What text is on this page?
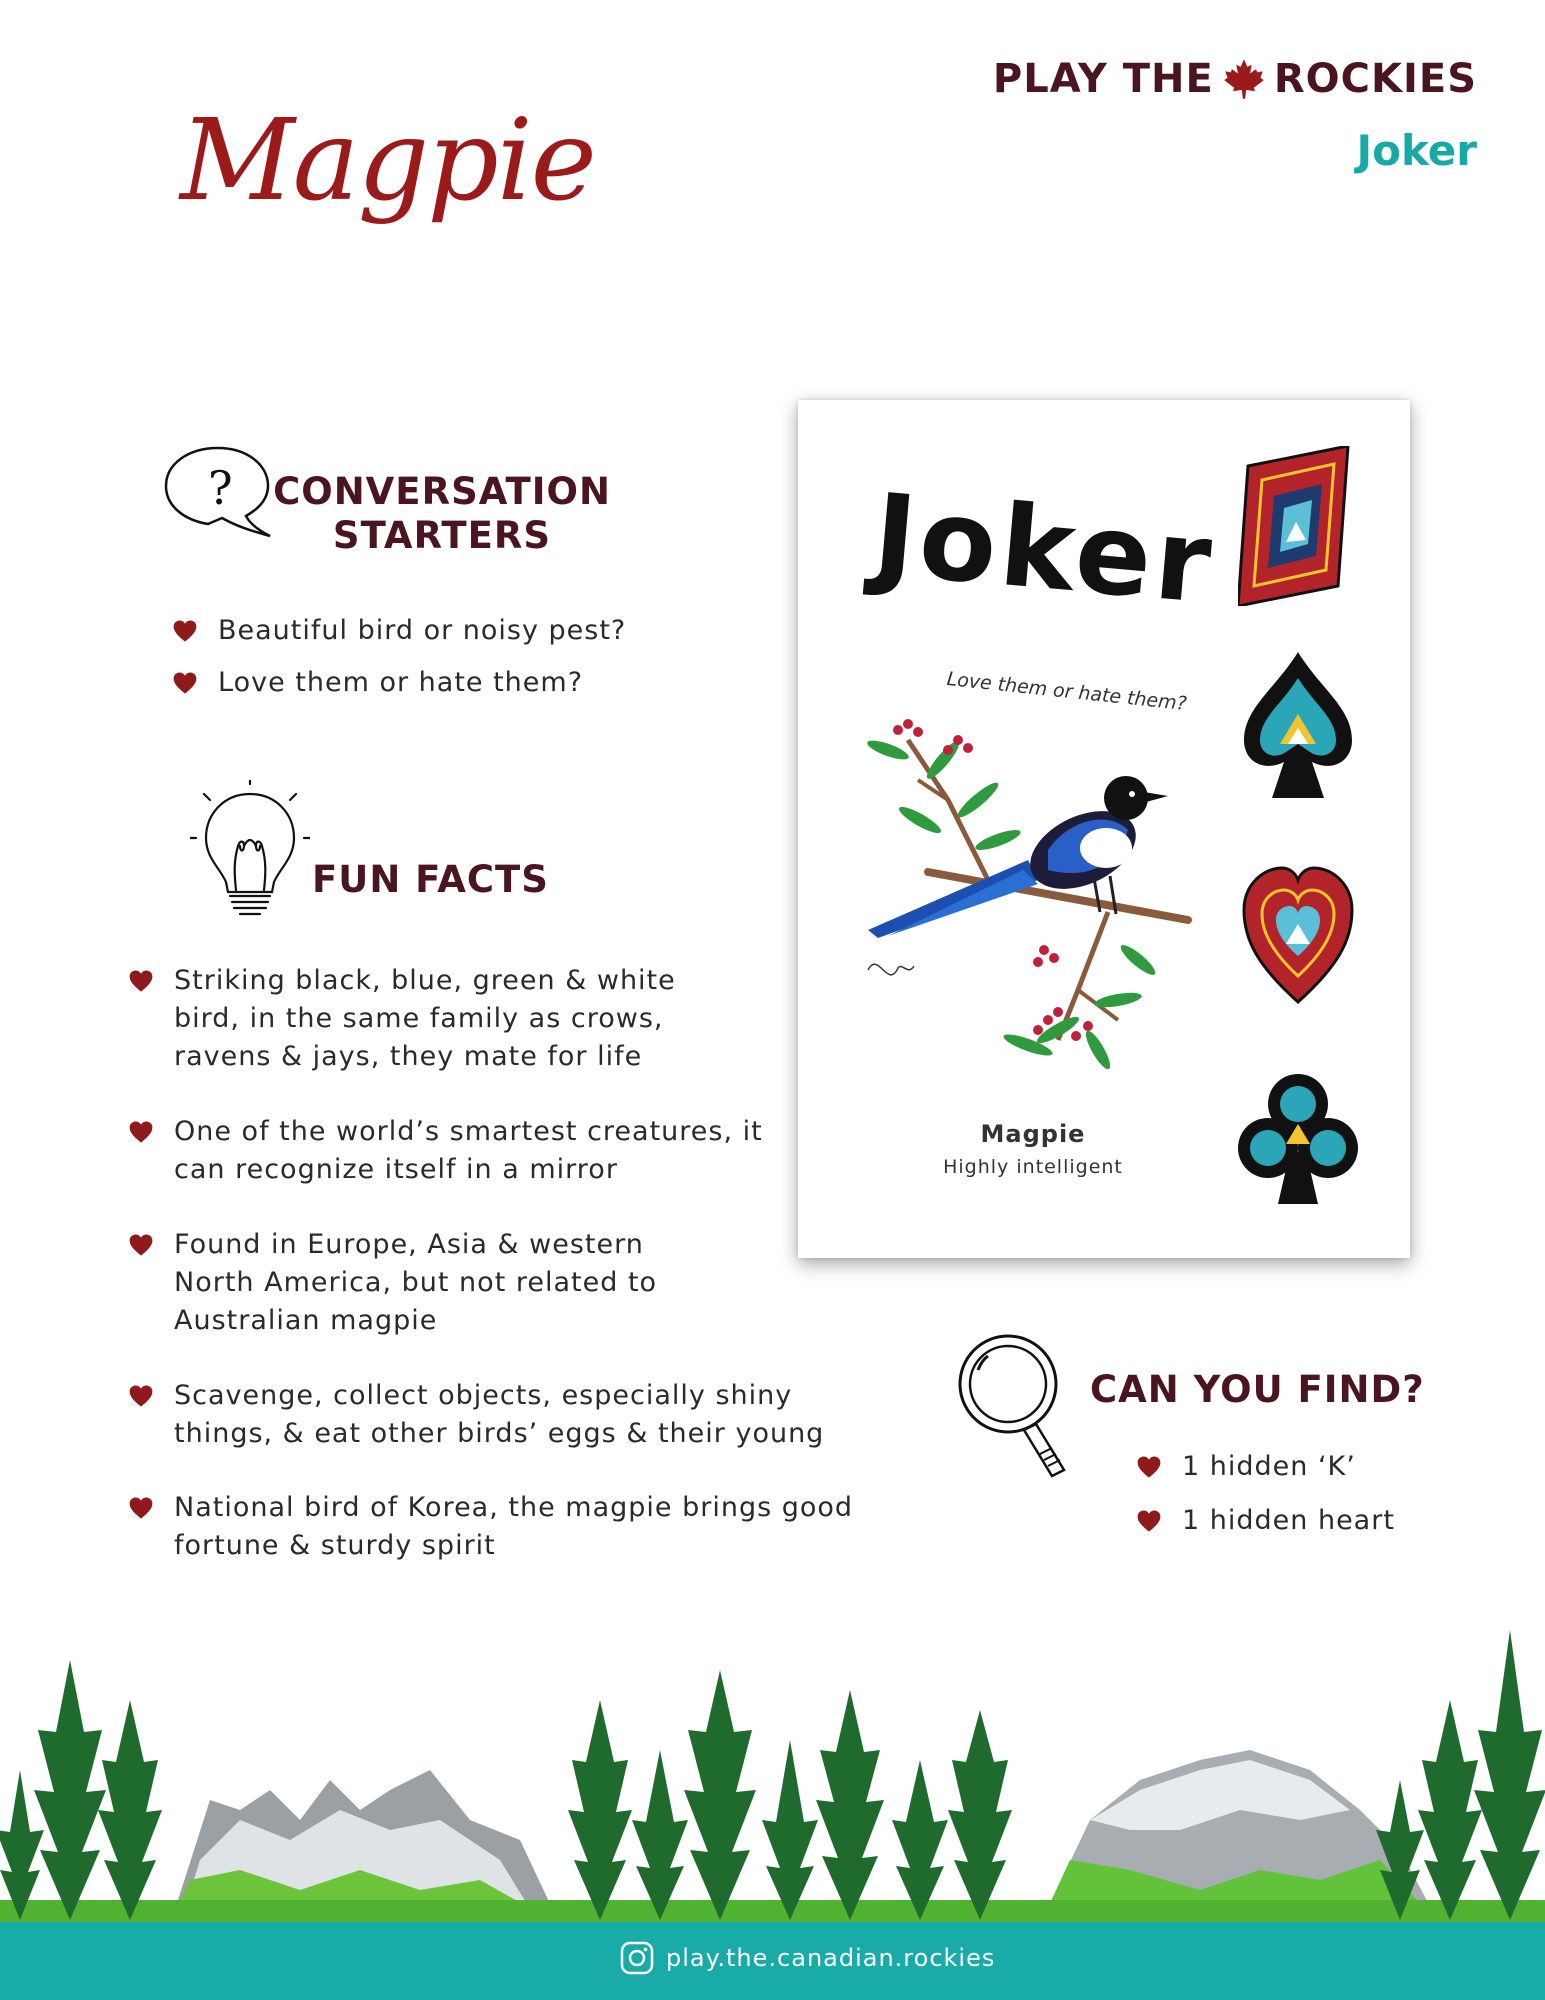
Magpie
PLAY THE ROCKIES
Joker
? CONVERSATION
STARTERS
Beautiful bird or noisy pest?
Love them or hate them?
FUN FACTS
Striking black, blue, green & white
bird, in the same family as crows,
ravens & jays, they mate for life
One of the world’s smartest creatures, it
can recognize itself in a mirror
Found in Europe, Asia & western
North America, but not related to
Australian magpie
Scavenge, collect objects, especially shiny
things, & eat other birds’ eggs & their young
National bird of Korea, the magpie brings good
fortune & sturdy spirit
Joker
Love them or hate them?
Magpie
Highly intelligent
CAN YOU FIND?
1 hidden ‘K’
1 hidden heart
play.the.canadian.rockies
